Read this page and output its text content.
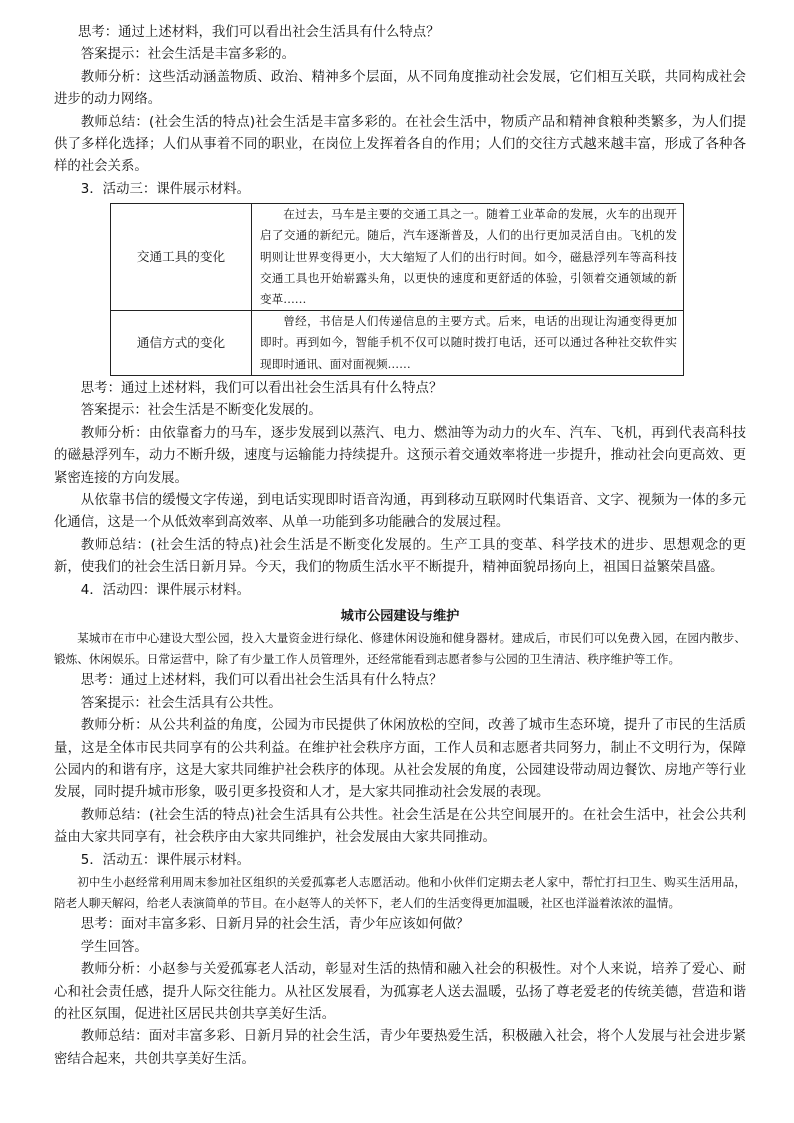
思考：通过上述材料，我们可以看出社会生活具有什么特点？

答案提示：社会生活是丰富多彩的。

教师分析：这些活动涵盖物质、政治、精神多个层面，从不同角度推动社会发展，它们相互关联，共同构成社会进步的动力网络。

教师总结：(社会生活的特点)社会生活是丰富多彩的。在社会生活中，物质产品和精神食粮种类繁多，为人们提供了多样化选择；人们从事着不同的职业，在岗位上发挥着各自的作用；人们的交往方式越来越丰富，形成了各种各样的社会关系。

3．活动三：课件展示材料。

交通工具的变化	在过去，马车是主要的交通工具之一。随着工业革命的发展，火车的出现开启了交通的新纪元。随后，汽车逐渐普及，人们的出行更加灵活自由。飞机的发明则让世界变得更小，大大缩短了人们的出行时间。如今，磁悬浮列车等高科技交通工具也开始崭露头角，以更快的速度和更舒适的体验，引领着交通领域的新变革……

通信方式的变化	曾经，书信是人们传递信息的主要方式。后来，电话的出现让沟通变得更加即时。再到如今，智能手机不仅可以随时拨打电话，还可以通过各种社交软件实现即时通讯、面对面视频……

思考：通过上述材料，我们可以看出社会生活具有什么特点？

答案提示：社会生活是不断变化发展的。

教师分析：由依靠畜力的马车，逐步发展到以蒸汽、电力、燃油等为动力的火车、汽车、飞机，再到代表高科技的磁悬浮列车，动力不断升级，速度与运输能力持续提升。这预示着交通效率将进一步提升，推动社会向更高效、更紧密连接的方向发展。

从依靠书信的缓慢文字传递，到电话实现即时语音沟通，再到移动互联网时代集语音、文字、视频为一体的多元化通信，这是一个从低效率到高效率、从单一功能到多功能融合的发展过程。

教师总结：(社会生活的特点)社会生活是不断变化发展的。生产工具的变革、科学技术的进步、思想观念的更新，使我们的社会生活日新月异。今天，我们的物质生活水平不断提升，精神面貌昂扬向上，祖国日益繁荣昌盛。

4．活动四：课件展示材料。

城市公园建设与维护

某城市在市中心建设大型公园，投入大量资金进行绿化、修建休闲设施和健身器材。建成后，市民们可以免费入园，在园内散步、锻炼、休闲娱乐。日常运营中，除了有少量工作人员管理外，还经常能看到志愿者参与公园的卫生清洁、秩序维护等工作。

思考：通过上述材料，我们可以看出社会生活具有什么特点？

答案提示：社会生活具有公共性。

教师分析：从公共利益的角度，公园为市民提供了休闲放松的空间，改善了城市生态环境，提升了市民的生活质量，这是全体市民共同享有的公共利益。在维护社会秩序方面，工作人员和志愿者共同努力，制止不文明行为，保障公园内的和谐有序，这是大家共同维护社会秩序的体现。从社会发展的角度，公园建设带动周边餐饮、房地产等行业发展，同时提升城市形象，吸引更多投资和人才，是大家共同推动社会发展的表现。

教师总结：(社会生活的特点)社会生活具有公共性。社会生活是在公共空间展开的。在社会生活中，社会公共利益由大家共同享有，社会秩序由大家共同维护，社会发展由大家共同推动。

5．活动五：课件展示材料。

初中生小赵经常利用周末参加社区组织的关爱孤寡老人志愿活动。他和小伙伴们定期去老人家中，帮忙打扫卫生、购买生活用品，陪老人聊天解闷，给老人表演简单的节目。在小赵等人的关怀下，老人们的生活变得更加温暖，社区也洋溢着浓浓的温情。

思考：面对丰富多彩、日新月异的社会生活，青少年应该如何做？

学生回答。

教师分析：小赵参与关爱孤寡老人活动，彰显对生活的热情和融入社会的积极性。对个人来说，培养了爱心、耐心和社会责任感，提升人际交往能力。从社区发展看，为孤寡老人送去温暖，弘扬了尊老爱老的传统美德，营造和谐的社区氛围，促进社区居民共创共享美好生活。

教师总结：面对丰富多彩、日新月异的社会生活，青少年要热爱生活，积极融入社会，将个人发展与社会进步紧密结合起来，共创共享美好生活。
